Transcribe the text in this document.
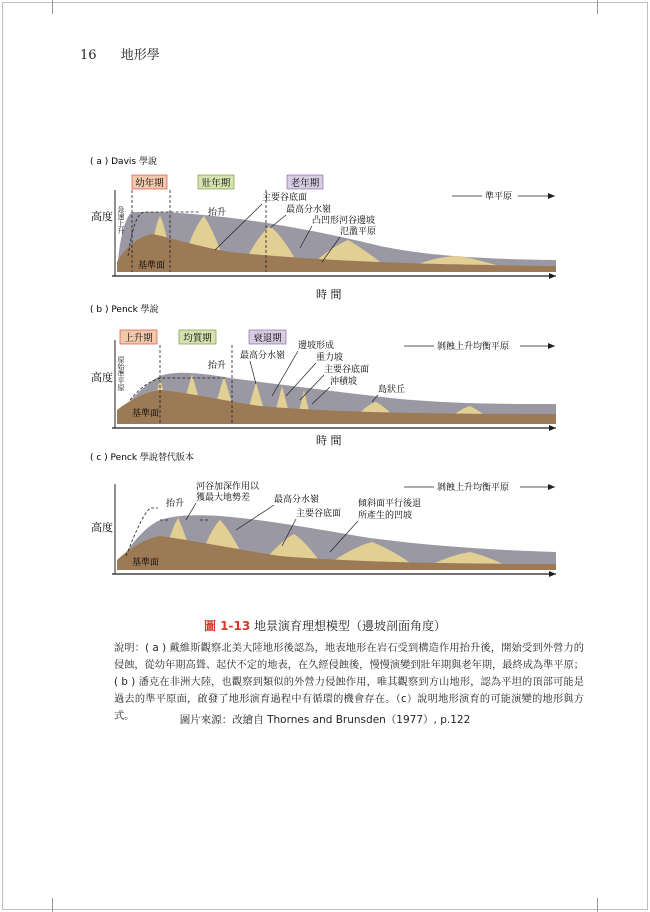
16 地形學
( a ) Davis 學說
幼年期	壯年期	老年期
高度
時 間
急速上升	抬升
基準面
準平原
主要谷底面
最高分水嶺
凸凹形河谷邊坡
氾濫平原
( b ) Penck 學說
上升期	均質期	衰退期
高度
時 間
原始準平原	抬升
基準面
剝蝕上升均衡平原
邊坡形成
最高分水嶺	重力坡
主要谷底面
沖積坡
島狀丘
( c ) Penck 學說替代版本
高度
抬升
基準面
剝蝕上升均衡平原
河谷加深作用以
獲最大地勢差	最高分水嶺
主要谷底面
傾斜面平行後退
所產生的凹坡
圖 1-13 地景演育理想模型（邊坡剖面角度）
說明：( a ) 戴維斯觀察北美大陸地形後認為，地表地形在岩石受到構造作用抬升後，開始受到外營力的侵蝕，從幼年期高聳、起伏不定的地表，在久經侵蝕後，慢慢演變到壯年期與老年期，最終成為準平原；( b ) 潘克在非洲大陸，也觀察到類似的外營力侵蝕作用，唯其觀察到方山地形，認為平坦的頂部可能是過去的準平原面，啟發了地形演育過程中有循環的機會存在。（c）說明地形演育的可能演變的地形與方式。	圖片來源：改繪自 Thornes and Brunsden（1977）, p.122
